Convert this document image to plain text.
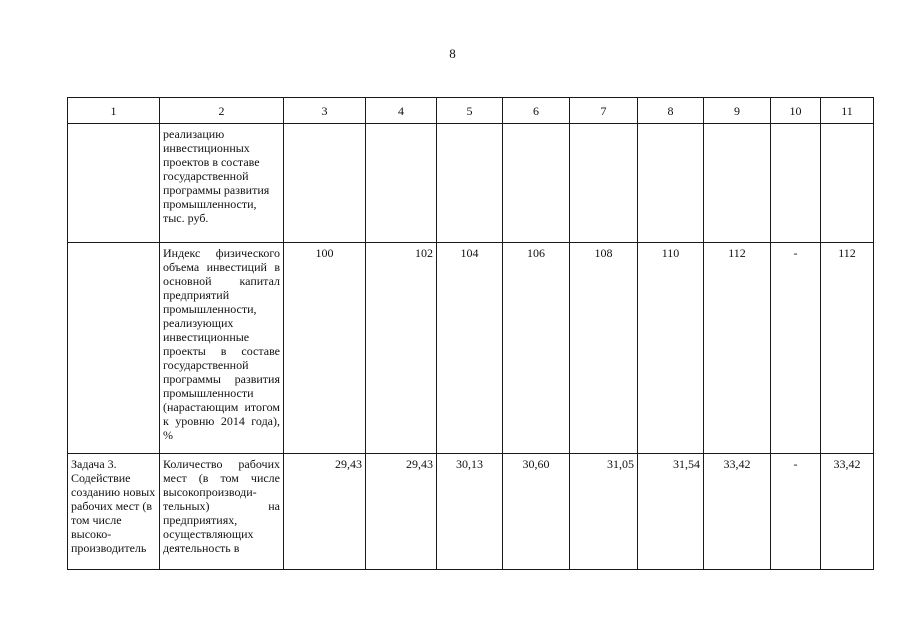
8
1	2	3	4	5	6	7	8	9	10	11
	реализацию инвестиционных проектов в составе государственной программы развития промышленности, тыс. руб.									
	Индекс физического объема инвестиций в основной капитал предприятий промышленности, реализующих инвестиционные проекты в составе государственной программы развития промышленности (нарастающим итогом к уровню 2014 года), %	100	102	104	106	108	110	112	-	112

Задача 3. Содействие созданию новых рабочих мест (в том числе высоко-производитель	Количество рабочих мест (в том числе высокопроизводи-тельных) на предприятиях, осуществляющих деятельность в	29,43	29,43	30,13	30,60	31,05	31,54	33,42	-	33,42
